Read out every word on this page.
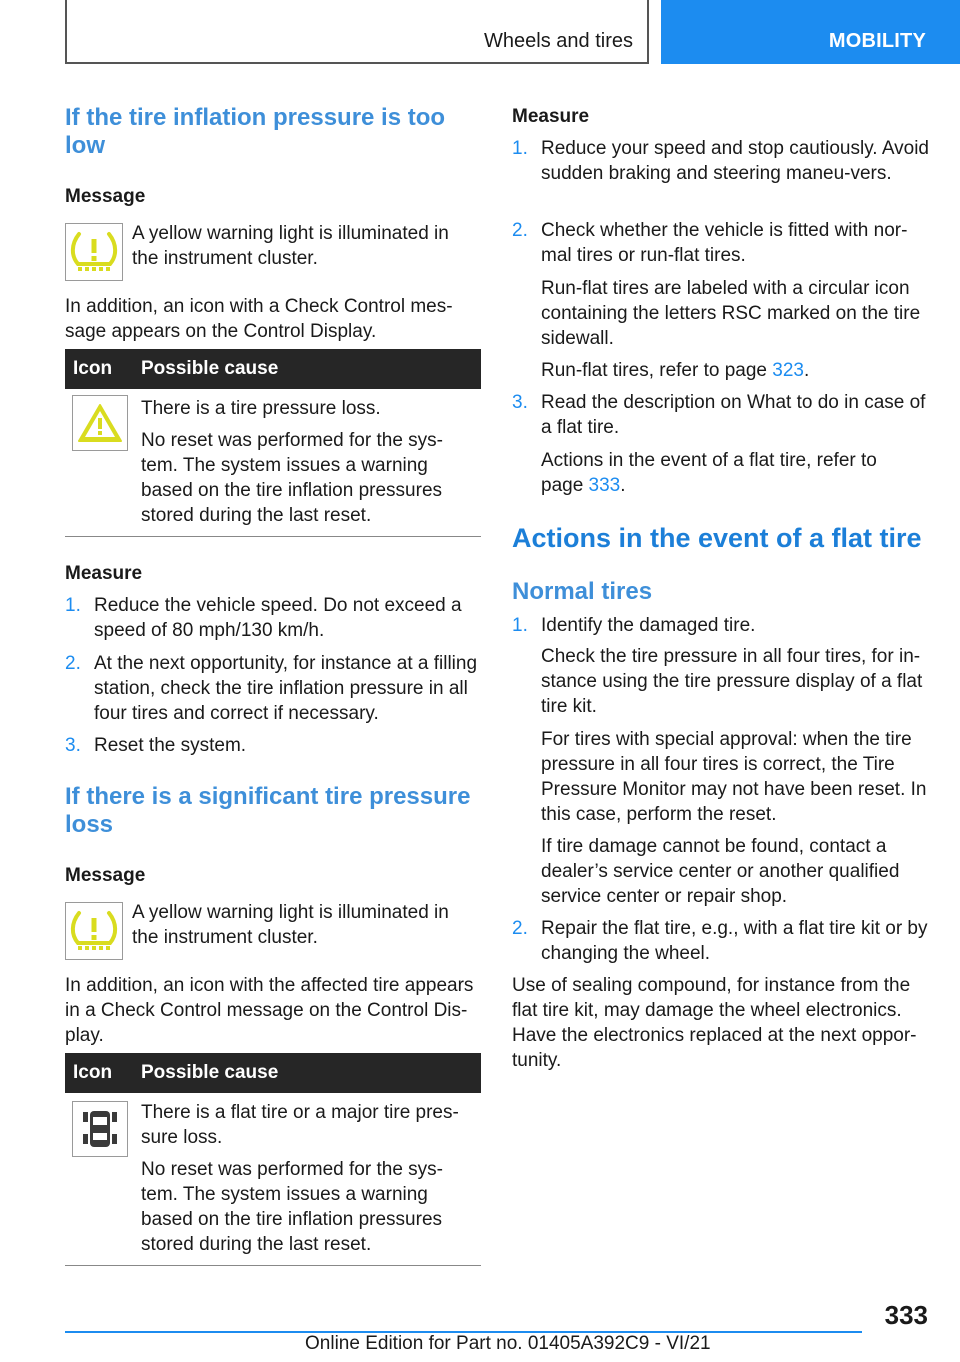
Wheels and tires	MOBILITY
If the tire inflation pressure is too low
Message
A yellow warning light is illuminated in the instrument cluster.
In addition, an icon with a Check Control mes-sage appears on the Control Display.
Icon Possible cause
There is a tire pressure loss.
No reset was performed for the sys-tem. The system issues a warning based on the tire inflation pressures stored during the last reset.
Measure
1. Reduce the vehicle speed. Do not exceed a speed of 80 mph/130 km/h.
2. At the next opportunity, for instance at a filling station, check the tire inflation pressure in all four tires and correct if necessary.
3. Reset the system.
If there is a significant tire pressure loss
Message
A yellow warning light is illuminated in the instrument cluster.
In addition, an icon with the affected tire appears in a Check Control message on the Control Dis-play.
Icon Possible cause
There is a flat tire or a major tire pres-sure loss.
No reset was performed for the sys-tem. The system issues a warning based on the tire inflation pressures stored during the last reset.
Measure
1. Reduce your speed and stop cautiously. Avoid sudden braking and steering maneu-vers.
2. Check whether the vehicle is fitted with nor-mal tires or run-flat tires.
Run-flat tires are labeled with a circular icon containing the letters RSC marked on the tire sidewall.
Run-flat tires, refer to page 323.
3. Read the description on What to do in case of a flat tire.
Actions in the event of a flat tire, refer to page 333.
Actions in the event of a flat tire
Normal tires
1. Identify the damaged tire.
Check the tire pressure in all four tires, for in-stance using the tire pressure display of a flat tire kit.
For tires with special approval: when the tire pressure in all four tires is correct, the Tire Pressure Monitor may not have been reset. In this case, perform the reset.
If tire damage cannot be found, contact a dealer’s service center or another qualified service center or repair shop.
2. Repair the flat tire, e.g., with a flat tire kit or by changing the wheel.
Use of sealing compound, for instance from the flat tire kit, may damage the wheel electronics. Have the electronics replaced at the next oppor-tunity.
333
Online Edition for Part no. 01405A392C9 - VI/21
